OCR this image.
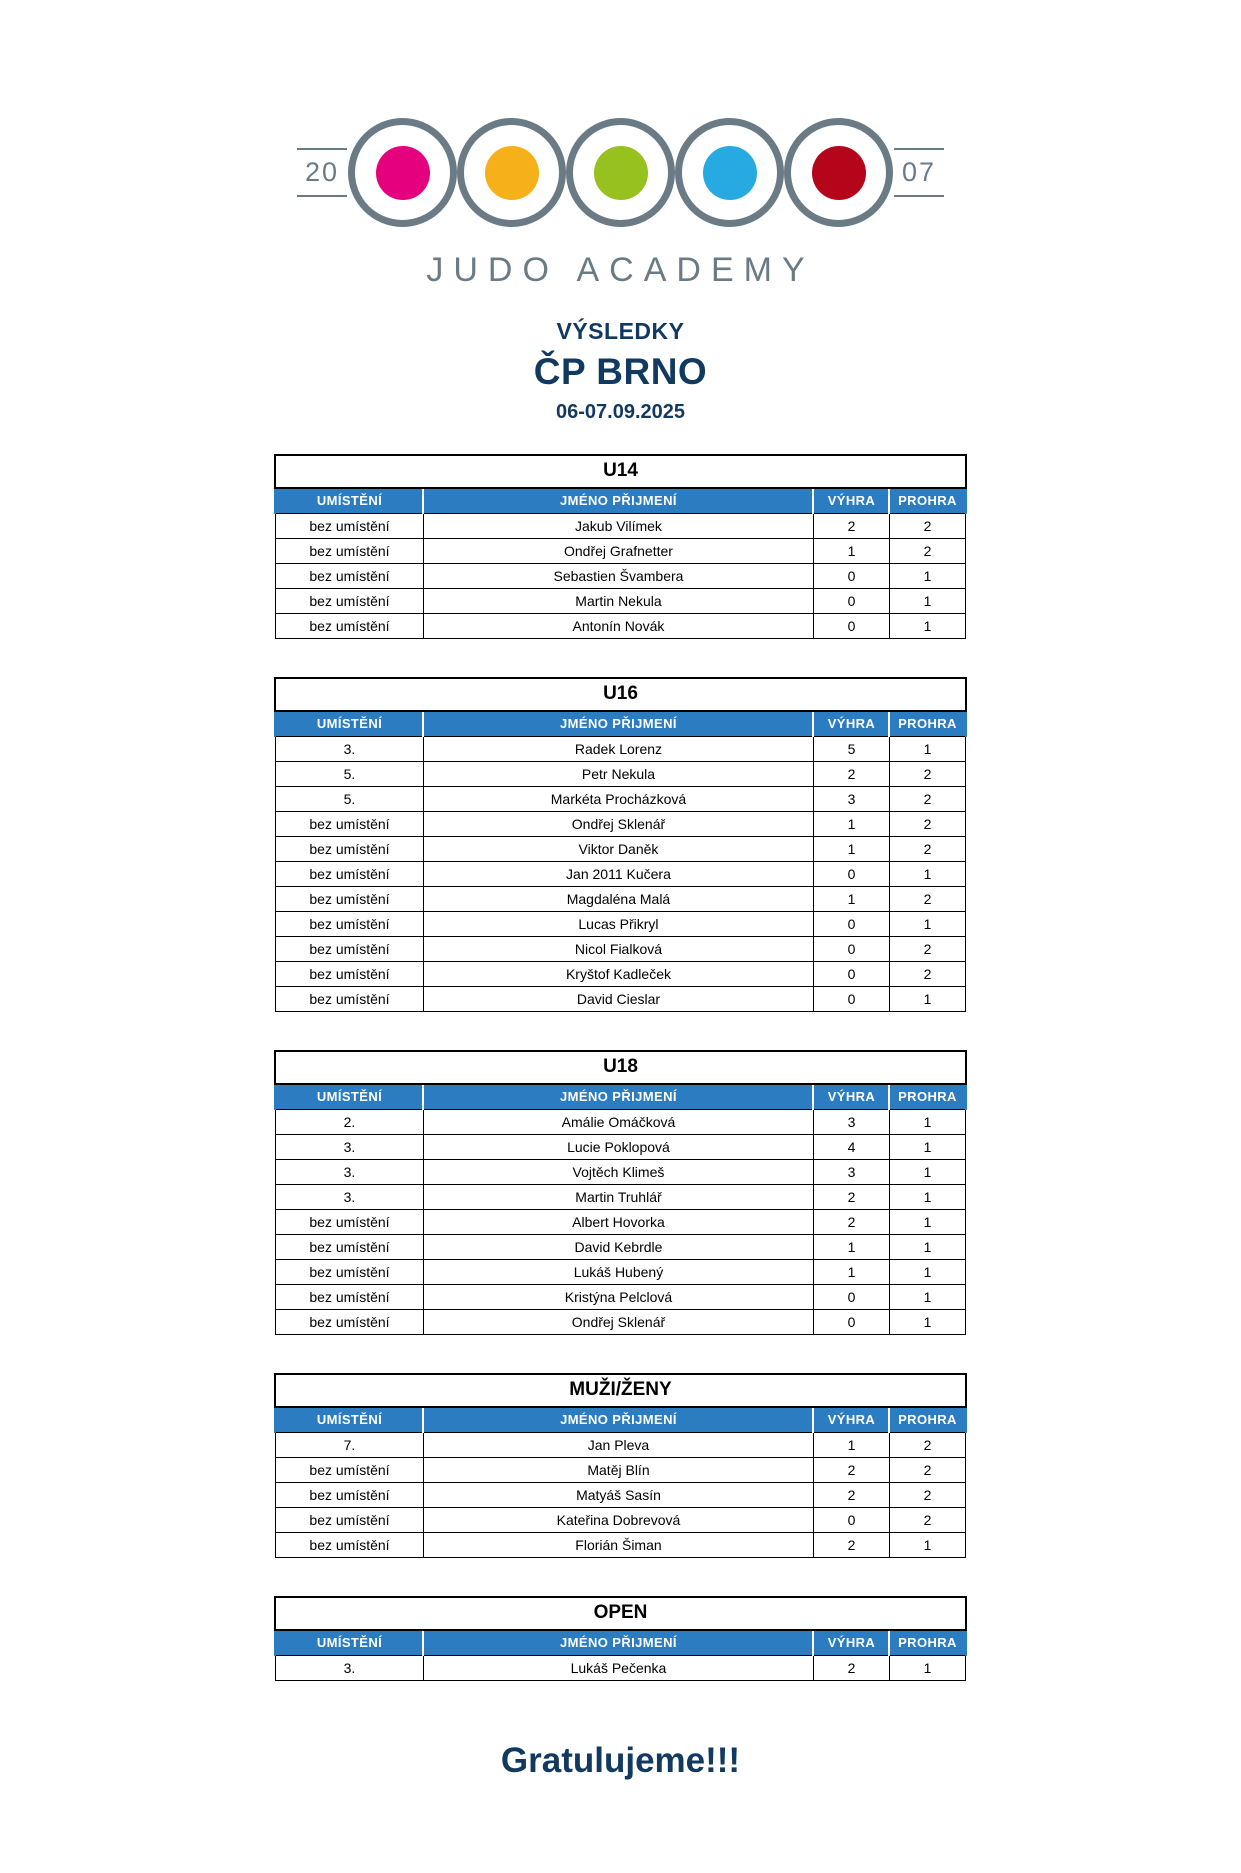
20	07
JUDO ACADEMY
VÝSLEDKY
ČP BRNO
06-07.09.2025
U14			
UMÍSTĚNÍ	JMÉNO PŘIJMENÍ	VÝHRA	PROHRA
bez umístění	Jakub Vilímek	2	2
bez umístění	Ondřej Grafnetter	1	2
bez umístění	Sebastien Švambera	0	1
bez umístění	Martin Nekula	0	1
bez umístění	Antonín Novák	0	1
U16			
UMÍSTĚNÍ	JMÉNO PŘIJMENÍ	VÝHRA	PROHRA
3.	Radek Lorenz	5	1
5.	Petr Nekula	2	2
5.	Markéta Procházková	3	2
bez umístění	Ondřej Sklenář	1	2
bez umístění	Viktor Daněk	1	2
bez umístění	Jan 2011 Kučera	0	1
bez umístění	Magdaléna Malá	1	2
bez umístění	Lucas Přikryl	0	1
bez umístění	Nicol Fialková	0	2
bez umístění	Kryštof Kadleček	0	2
bez umístění	David Cieslar	0	1
U18			
UMÍSTĚNÍ	JMÉNO PŘIJMENÍ	VÝHRA	PROHRA
2.	Amálie Omáčková	3	1
3.	Lucie Poklopová	4	1
3.	Vojtěch Klimeš	3	1
3.	Martin Truhlář	2	1
bez umístění	Albert Hovorka	2	1
bez umístění	David Kebrdle	1	1
bez umístění	Lukáš Hubený	1	1
bez umístění	Kristýna Pelclová	0	1
bez umístění	Ondřej Sklenář	0	1
MUŽI/ŽENY			
UMÍSTĚNÍ	JMÉNO PŘIJMENÍ	VÝHRA	PROHRA
7.	Jan Pleva	1	2
bez umístění	Matěj Blín	2	2
bez umístění	Matyáš Sasín	2	2
bez umístění	Kateřina Dobrevová	0	2
bez umístění	Florián Šiman	2	1
OPEN			
UMÍSTĚNÍ	JMÉNO PŘIJMENÍ	VÝHRA	PROHRA
3.	Lukáš Pečenka	2	1
Gratulujeme!!!
